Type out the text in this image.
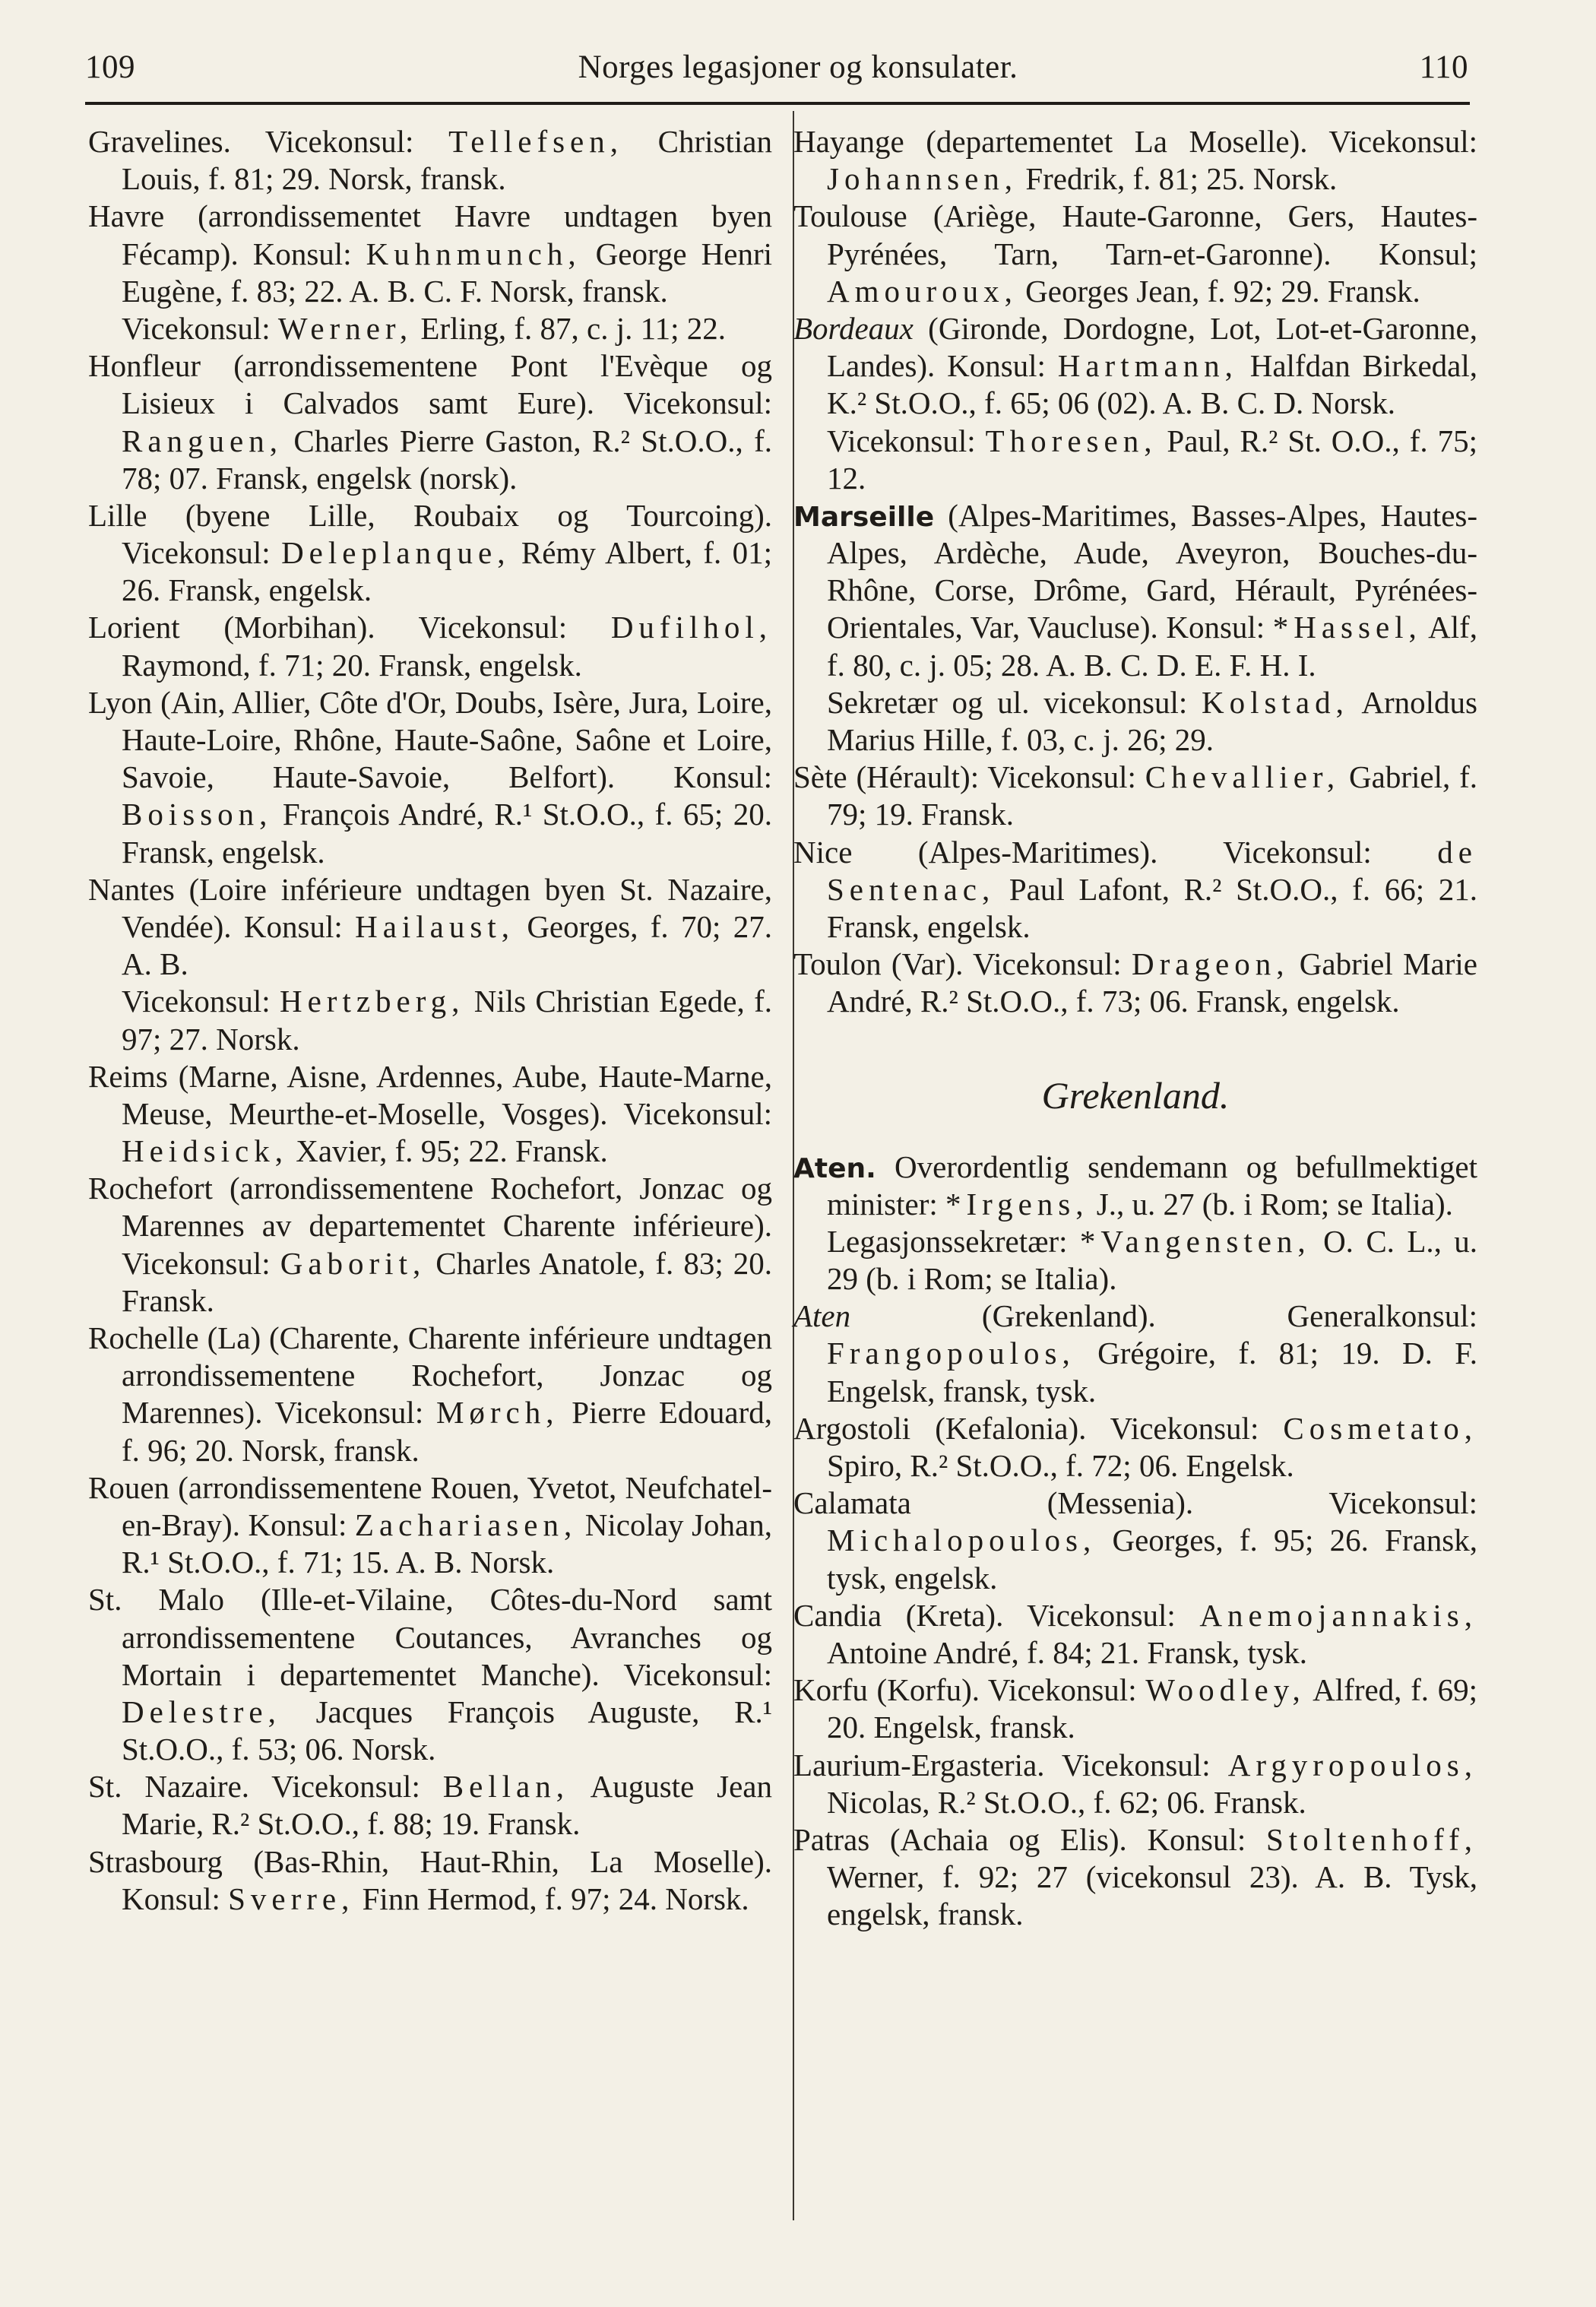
109	Norges legasjoner og konsulater.	110
Gravelines. Vicekonsul: Tellefsen, Christian Louis, f. 81; 29. Norsk, fransk.
Havre (arrondissementet Havre undtagen byen Fécamp). Konsul: Kuhnmunch, George Henri Eugène, f. 83; 22. A. B. C. F. Norsk, fransk.
Vicekonsul: Werner, Erling, f. 87, c. j. 11; 22.
Honfleur (arrondissementene Pont l'Evèque og Lisieux i Calvados samt Eure). Vicekonsul: Ranguen, Charles Pierre Gaston, R.² St.O.O., f. 78; 07. Fransk, engelsk (norsk).
Lille (byene Lille, Roubaix og Tourcoing). Vicekonsul: Deleplanque, Rémy Albert, f. 01; 26. Fransk, engelsk.
Lorient (Morbihan). Vicekonsul: Dufilhol, Raymond, f. 71; 20. Fransk, engelsk.
Lyon (Ain, Allier, Côte d'Or, Doubs, Isère, Jura, Loire, Haute-Loire, Rhône, Haute-Saône, Saône et Loire, Savoie, Haute-Savoie, Belfort). Konsul: Boisson, François André, R.¹ St.O.O., f. 65; 20. Fransk, engelsk.
Nantes (Loire inférieure undtagen byen St. Nazaire, Vendée). Konsul: Hailaust, Georges, f. 70; 27. A. B.
Vicekonsul: Hertzberg, Nils Christian Egede, f. 97; 27. Norsk.
Reims (Marne, Aisne, Ardennes, Aube, Haute-Marne, Meuse, Meurthe-et-Moselle, Vosges). Vicekonsul: Heidsick, Xavier, f. 95; 22. Fransk.
Rochefort (arrondissementene Rochefort, Jonzac og Marennes av departementet Charente inférieure). Vicekonsul: Gaborit, Charles Anatole, f. 83; 20. Fransk.
Rochelle (La) (Charente, Charente inférieure undtagen arrondissementene Rochefort, Jonzac og Marennes). Vicekonsul: Mørch, Pierre Edouard, f. 96; 20. Norsk, fransk.
Rouen (arrondissementene Rouen, Yvetot, Neufchatel-en-Bray). Konsul: Zachariasen, Nicolay Johan, R.¹ St.O.O., f. 71; 15. A. B. Norsk.
St. Malo (Ille-et-Vilaine, Côtes-du-Nord samt arrondissementene Coutances, Avranches og Mortain i departementet Manche). Vicekonsul: Delestre, Jacques François Auguste, R.¹ St.O.O., f. 53; 06. Norsk.
St. Nazaire. Vicekonsul: Bellan, Auguste Jean Marie, R.² St.O.O., f. 88; 19. Fransk.
Strasbourg (Bas-Rhin, Haut-Rhin, La Moselle). Konsul: Sverre, Finn Hermod, f. 97; 24. Norsk.
Hayange (departementet La Moselle). Vicekonsul: Johannsen, Fredrik, f. 81; 25. Norsk.
Toulouse (Ariège, Haute-Garonne, Gers, Hautes-Pyrénées, Tarn, Tarn-et-Garonne). Konsul; Amouroux, Georges Jean, f. 92; 29. Fransk.
Bordeaux (Gironde, Dordogne, Lot, Lot-et-Garonne, Landes). Konsul: Hartmann, Halfdan Birkedal, K.² St.O.O., f. 65; 06 (02). A. B. C. D. Norsk.
Vicekonsul: Thoresen, Paul, R.² St. O.O., f. 75; 12.
Marseille (Alpes-Maritimes, Basses-Alpes, Hautes-Alpes, Ardèche, Aude, Aveyron, Bouches-du-Rhône, Corse, Drôme, Gard, Hérault, Pyrénées-Orientales, Var, Vaucluse). Konsul: *Hassel, Alf, f. 80, c. j. 05; 28. A. B. C. D. E. F. H. I.
Sekretær og ul. vicekonsul: Kolstad, Arnoldus Marius Hille, f. 03, c. j. 26; 29.
Sète (Hérault): Vicekonsul: Chevallier, Gabriel, f. 79; 19. Fransk.
Nice (Alpes-Maritimes). Vicekonsul: de Sentenac, Paul Lafont, R.² St.O.O., f. 66; 21. Fransk, engelsk.
Toulon (Var). Vicekonsul: Drageon, Gabriel Marie André, R.² St.O.O., f. 73; 06. Fransk, engelsk.
Grekenland.
Aten. Overordentlig sendemann og befullmektiget minister: *Irgens, J., u. 27 (b. i Rom; se Italia).
Legasjonssekretær: *Vangensten, O. C. L., u. 29 (b. i Rom; se Italia).
Aten (Grekenland). Generalkonsul: Frangopoulos, Grégoire, f. 81; 19. D. F. Engelsk, fransk, tysk.
Argostoli (Kefalonia). Vicekonsul: Cosmetato, Spiro, R.² St.O.O., f. 72; 06. Engelsk.
Calamata (Messenia). Vicekonsul: Michalopoulos, Georges, f. 95; 26. Fransk, tysk, engelsk.
Candia (Kreta). Vicekonsul: Anemojannakis, Antoine André, f. 84; 21. Fransk, tysk.
Korfu (Korfu). Vicekonsul: Woodley, Alfred, f. 69; 20. Engelsk, fransk.
Laurium-Ergasteria. Vicekonsul: Argyropoulos, Nicolas, R.² St.O.O., f. 62; 06. Fransk.
Patras (Achaia og Elis). Konsul: Stoltenhoff, Werner, f. 92; 27 (vicekonsul 23). A. B. Tysk, engelsk, fransk.
